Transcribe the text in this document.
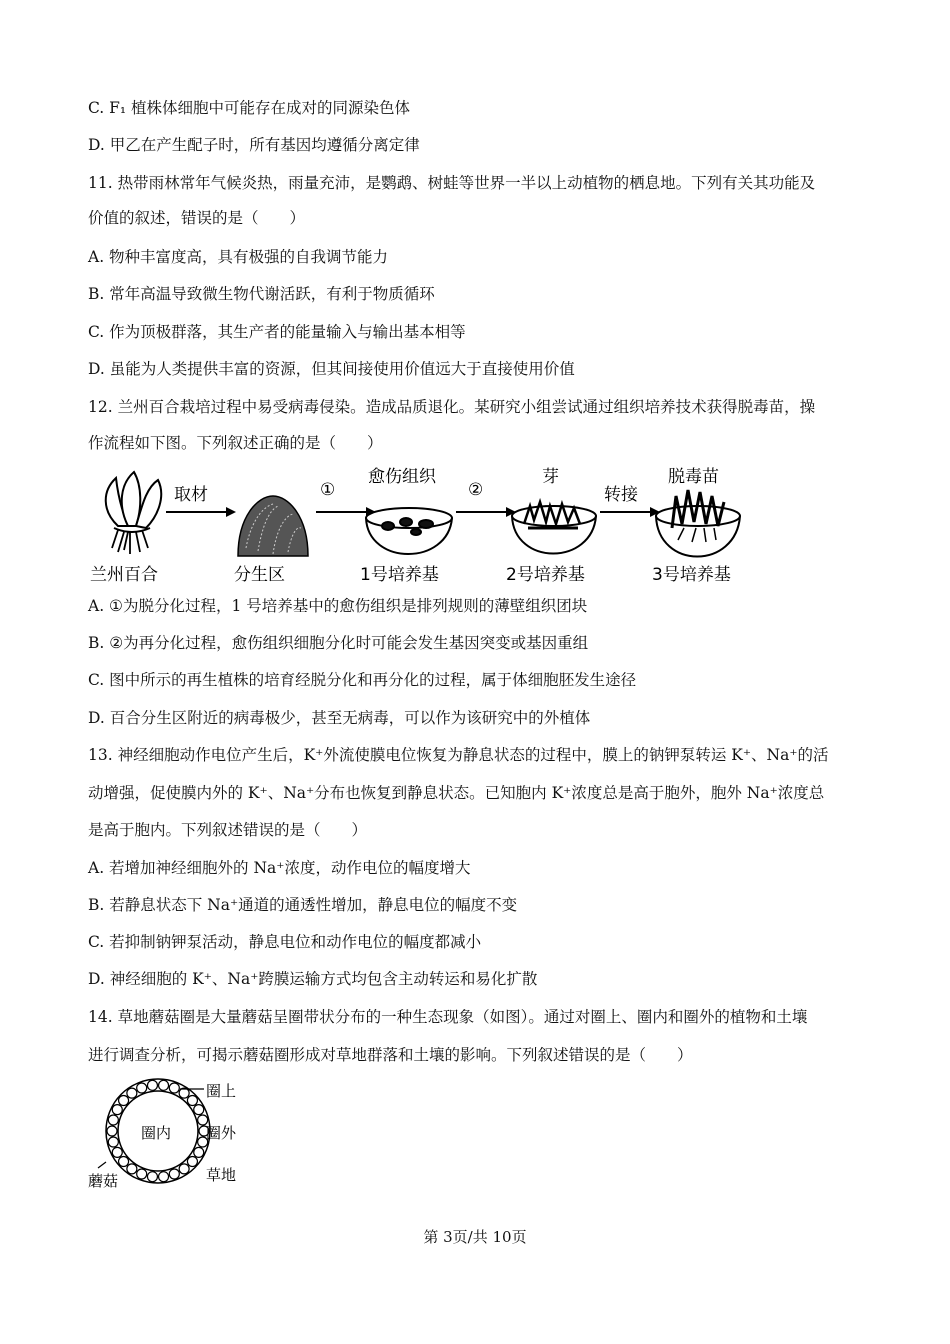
C. F₁ 植株体细胞中可能存在成对的同源染色体
D. 甲乙在产生配子时，所有基因均遵循分离定律
11. 热带雨林常年气候炎热，雨量充沛，是鹦鹉、树蛙等世界一半以上动植物的栖息地。下列有关其功能及
价值的叙述，错误的是（　　）
A. 物种丰富度高，具有极强的自我调节能力
B. 常年高温导致微生物代谢活跃，有利于物质循环
C. 作为顶极群落，其生产者的能量输入与输出基本相等
D. 虽能为人类提供丰富的资源，但其间接使用价值远大于直接使用价值
12. 兰州百合栽培过程中易受病毒侵染。造成品质退化。某研究小组尝试通过组织培养技术获得脱毒苗，操
作流程如下图。下列叙述正确的是（　　）
取材	①
愈伤组织
②
芽
转接
脱毒苗
兰州百合	分生区	1号培养基	2号培养基	3号培养基
A. ①为脱分化过程，1 号培养基中的愈伤组织是排列规则的薄壁组织团块
B. ②为再分化过程，愈伤组织细胞分化时可能会发生基因突变或基因重组
C. 图中所示的再生植株的培育经脱分化和再分化的过程，属于体细胞胚发生途径
D. 百合分生区附近的病毒极少，甚至无病毒，可以作为该研究中的外植体
13. 神经细胞动作电位产生后，K⁺外流使膜电位恢复为静息状态的过程中，膜上的钠钾泵转运 K⁺、Na⁺的活
动增强，促使膜内外的 K⁺、Na⁺分布也恢复到静息状态。已知胞内 K⁺浓度总是高于胞外，胞外 Na⁺浓度总
是高于胞内。下列叙述错误的是（　　）
A. 若增加神经细胞外的 Na⁺浓度，动作电位的幅度增大
B. 若静息状态下 Na⁺通道的通透性增加，静息电位的幅度不变
C. 若抑制钠钾泵活动，静息电位和动作电位的幅度都减小
D. 神经细胞的 K⁺、Na⁺跨膜运输方式均包含主动转运和易化扩散
14. 草地蘑菇圈是大量蘑菇呈圈带状分布的一种生态现象（如图）。通过对圈上、圈内和圈外的植物和土壤
进行调查分析，可揭示蘑菇圈形成对草地群落和土壤的影响。下列叙述错误的是（　　）
圈上
圈内 圈外
蘑菇	草地
第 3页/共 10页
